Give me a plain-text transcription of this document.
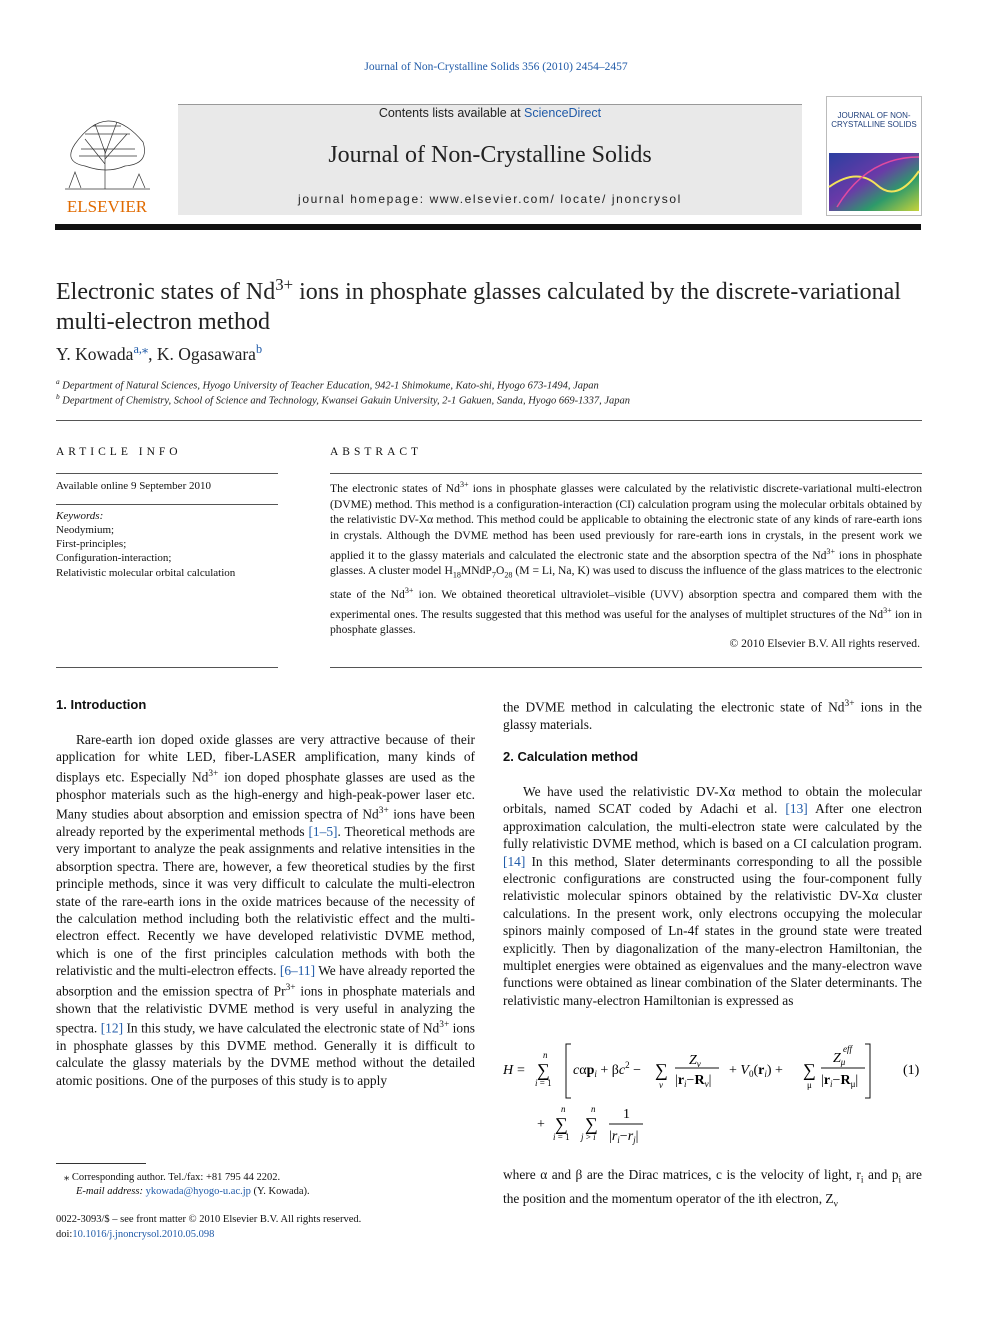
Journal of Non-Crystalline Solids 356 (2010) 2454–2457
ELSEVIER
Contents lists available at ScienceDirect
Journal of Non-Crystalline Solids
journal homepage: www.elsevier.com/ locate/ jnoncrysol
JOURNAL OF NON-CRYSTALLINE SOLIDS
Electronic states of $Nd^{3+}$ ions in phosphate glasses calculated by the discrete-variational multi-electron method
Y. Kowada$^{a,⁎}$, K. Ogasawara$^b$
$^a$ Department of Natural Sciences, Hyogo University of Teacher Education, 942-1 Shimokume, Kato-shi, Hyogo 673-1494, Japan
$^b$ Department of Chemistry, School of Science and Technology, Kwansei Gakuin University, 2-1 Gakuen, Sanda, Hyogo 669-1337, Japan
ARTICLE INFO
Available online 9 September 2010
Keywords:
Neodymium;
First-principles;
Configuration-interaction;
Relativistic molecular orbital calculation
ABSTRACT
The electronic states of $Nd^{3+}$ ions in phosphate glasses were calculated by the relativistic discrete-variational multi-electron (DVME) method. This method is a configuration-interaction (CI) calculation program using the molecular orbitals obtained by the relativistic DV-Xα method. This method could be applicable to obtaining the electronic state of any kinds of rare-earth ions in crystals. Although the DVME method has been used previously for rare-earth ions in crystals, in the present work we applied it to the glassy materials and calculated the electronic state and the absorption spectra of the $Nd^{3+}$ ions in phosphate glasses. A cluster model $H_{18}MNdP_7O_{28}$ (M = Li, Na, K) was used to discuss the influence of the glass matrices to the electronic state of the $Nd^{3+}$ ion. We obtained theoretical ultraviolet–visible (UVV) absorption spectra and compared them with the experimental ones. The results suggested that this method was useful for the analyses of multiplet structures of the $Nd^{3+}$ ion in phosphate glasses.
© 2010 Elsevier B.V. All rights reserved.
1. Introduction
Rare-earth ion doped oxide glasses are very attractive because of their application for white LED, fiber-LASER amplification, many kinds of displays etc. Especially $Nd^{3+}$ ion doped phosphate glasses are used as the phosphor materials such as the high-energy and high-peak-power laser etc. Many studies about absorption and emission spectra of $Nd^{3+}$ ions have been already reported by the experimental methods [1–5]. Theoretical methods are very important to analyze the peak assignments and relative intensities in the absorption spectra. There are, however, a few theoretical studies by the first principle methods, since it was very difficult to calculate the multi-electron state of the rare-earth ions in the oxide matrices because of the necessity of the calculation method including both the relativistic effect and the multi-electron effect. Recently we have developed relativistic DVME method, which is one of the first principles calculation methods with both the relativistic and the multi-electron effects. [6–11] We have already reported the absorption and the emission spectra of $Pr^{3+}$ ions in phosphate materials and shown that the relativistic DVME method is very useful in analyzing the spectra. [12] In this study, we have calculated the electronic state of $Nd^{3+}$ ions in phosphate glasses by this DVME method. Generally it is difficult to calculate the glassy materials by the DVME method without the detailed atomic positions. One of the purposes of this study is to apply
⁎ Corresponding author. Tel./fax: +81 795 44 2202.
E-mail address: ykowada@hyogo-u.ac.jp (Y. Kowada).
0022-3093/$ – see front matter © 2010 Elsevier B.V. All rights reserved.
doi:10.1016/j.jnoncrysol.2010.05.098
the DVME method in calculating the electronic state of $Nd^{3+}$ ions in the glassy materials.
2. Calculation method
We have used the relativistic DV-Xα method to obtain the molecular orbitals, named SCAT coded by Adachi et al. [13] After one electron approximation calculation, the multi-electron state were calculated by the fully relativistic DVME method, which is based on a CI calculation program. [14] In this method, Slater determinants corresponding to all the possible electronic configurations are constructed using the four-component fully relativistic molecular spinors obtained by the relativistic DV-Xα cluster calculations. In the present work, only electrons occupying the molecular spinors mainly composed of Ln-4f states in the ground state were treated explicitly. Then by diagonalization of the many-electron Hamiltonian, the multiplet energies were obtained as eigenvalues and the many-electron wave functions were obtained as linear combination of the Slater determinants. The relativistic many-electron Hamiltonian is expressed as
H =
n
∑
i = 1
$c\alpha p_i + \beta c^2$ − ∑
ν
$Z_\nu$
$|r_i-R_\nu|$
+ $V_0(r_i)$ + ∑
μ
$Z_\mu$
eff
$|r_i-R_\mu|$
(1)
+
n
∑
i = 1
n
∑
j > i
1
$|r_i-r_j|$
where α and β are the Dirac matrices, c is the velocity of light, $r_i$ and $p_i$ are the position and the momentum operator of the ith electron, $Z_\nu$
